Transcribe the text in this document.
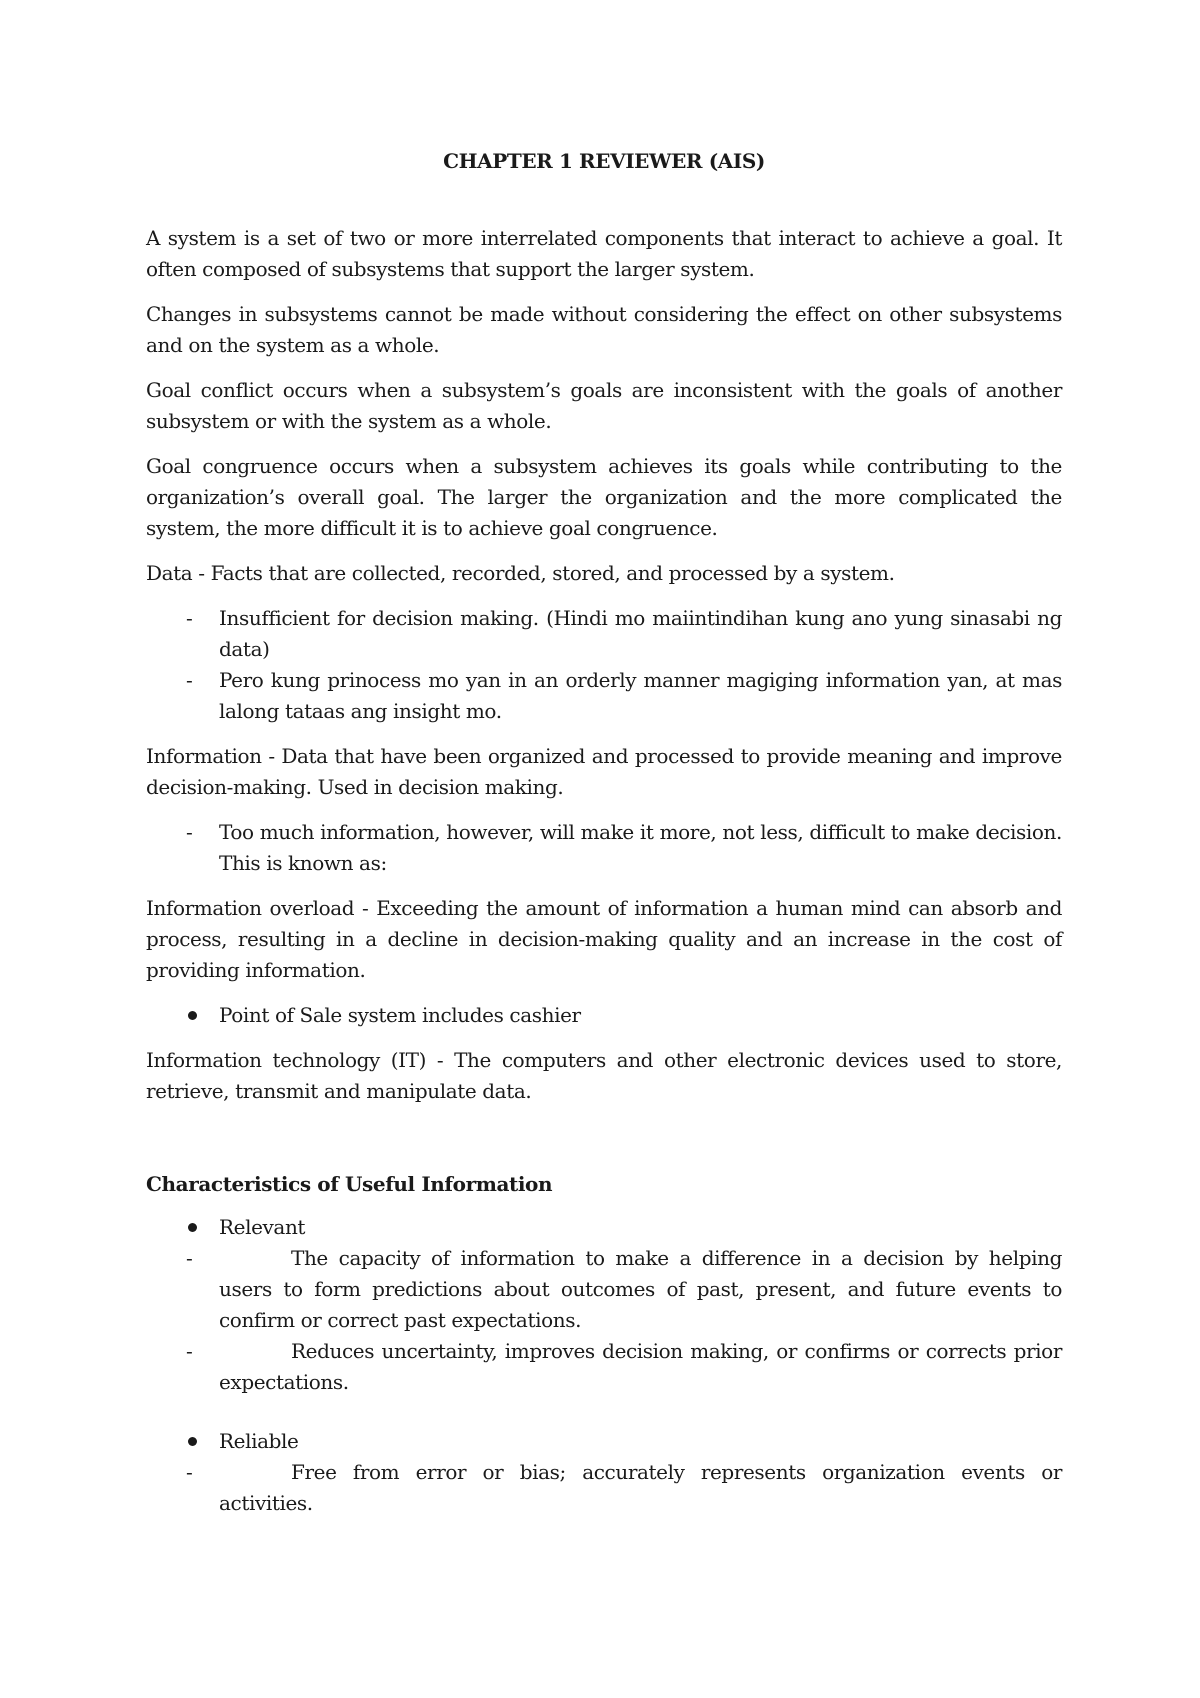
CHAPTER 1 REVIEWER (AIS)

A system is a set of two or more interrelated components that interact to achieve a goal. It often composed of subsystems that support the larger system.

Changes in subsystems cannot be made without considering the effect on other subsystems and on the system as a whole.

Goal conflict occurs when a subsystem’s goals are inconsistent with the goals of another subsystem or with the system as a whole.

Goal congruence occurs when a subsystem achieves its goals while contributing to the organization’s overall goal. The larger the organization and the more complicated the system, the more difficult it is to achieve goal congruence.

Data - Facts that are collected, recorded, stored, and processed by a system.

- Insufficient for decision making. (Hindi mo maiintindihan kung ano yung sinasabi ng data)
- Pero kung prinocess mo yan in an orderly manner magiging information yan, at mas lalong tataas ang insight mo.

Information - Data that have been organized and processed to provide meaning and improve decision-making. Used in decision making.

- Too much information, however, will make it more, not less, difficult to make decision. This is known as:

Information overload - Exceeding the amount of information a human mind can absorb and process, resulting in a decline in decision-making quality and an increase in the cost of providing information.

Point of Sale system includes cashier

Information technology (IT) - The computers and other electronic devices used to store, retrieve, transmit and manipulate data.

Characteristics of Useful Information
Relevant
-	The capacity of information to make a difference in a decision by helping users to form predictions about outcomes of past, present, and future events to confirm or correct past expectations.
-	Reduces uncertainty, improves decision making, or confirms or corrects prior expectations.
Reliable
-	Free from error or bias; accurately represents organization events or activities.
